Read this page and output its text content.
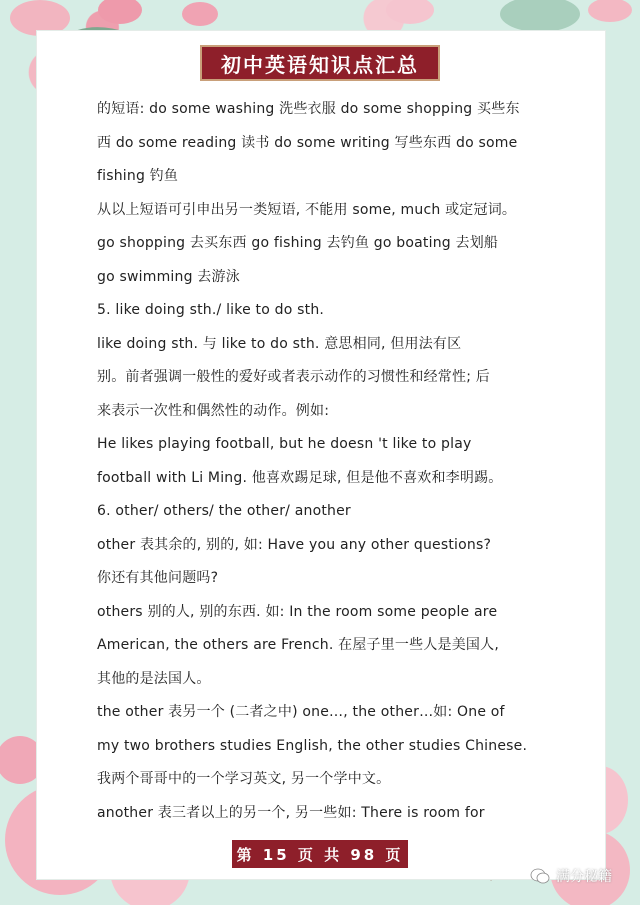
初中英语知识点汇总
的短语: do some washing 洗些衣服 do some shopping 买些东
西 do some reading 读书 do some writing 写些东西 do some
fishing 钓鱼
从以上短语可引申出另一类短语, 不能用 some, much 或定冠词。
go shopping 去买东西 go fishing 去钓鱼 go boating 去划船
go swimming 去游泳
5. like doing sth./ like to do sth.
like doing sth. 与 like to do sth. 意思相同, 但用法有区
别。前者强调一般性的爱好或者表示动作的习惯性和经常性; 后
来表示一次性和偶然性的动作。例如:
He likes playing football, but he doesn 't like to play
football with Li Ming. 他喜欢踢足球, 但是他不喜欢和李明踢。
6. other/ others/ the other/ another
other 表其余的, 别的, 如: Have you any other questions?
你还有其他问题吗?
others 别的人, 别的东西. 如: In the room some people are
American, the others are French. 在屋子里一些人是美国人,
其他的是法国人。
the other 表另一个 (二者之中) one…, the other…如: One of
my two brothers studies English, the other studies Chinese.
我两个哥哥中的一个学习英文, 另一个学中文。
another 表三者以上的另一个, 另一些如: There is room for
第 15 页 共 98 页
满分秘籍
